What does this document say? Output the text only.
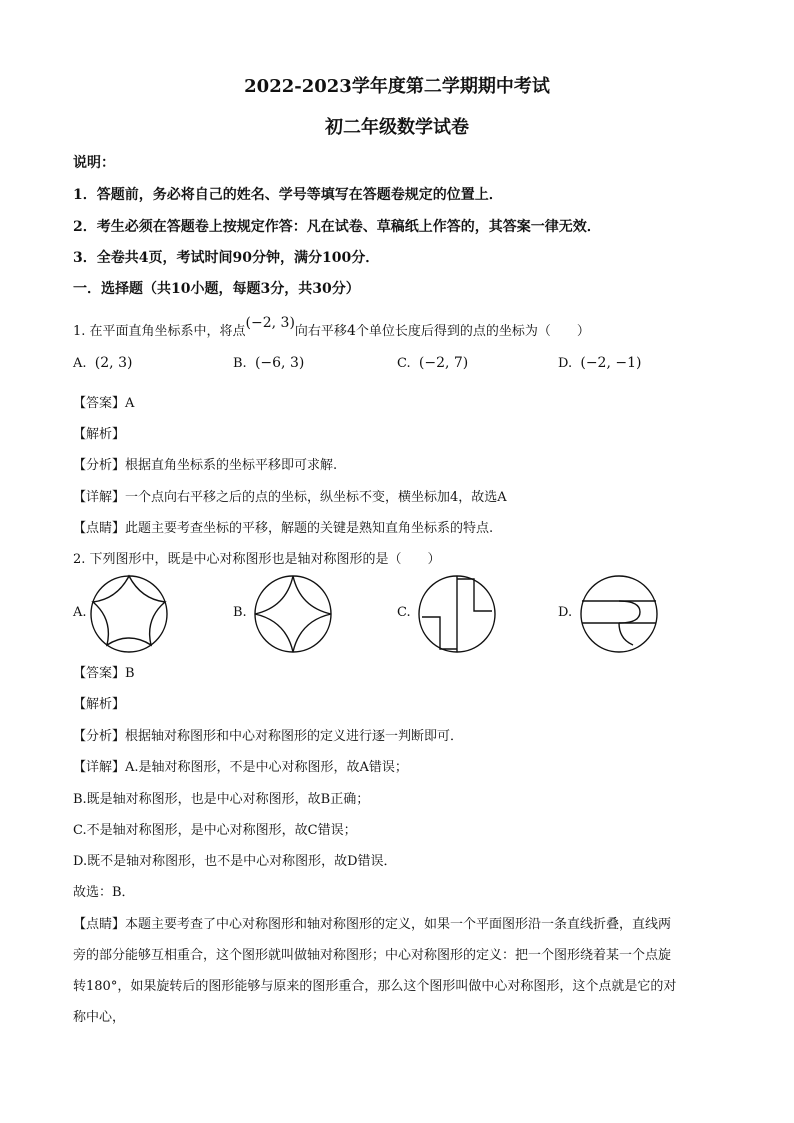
2022-2023学年度第二学期期中考试
初二年级数学试卷
说明：
1．答题前，务必将自己的姓名、学号等填写在答题卷规定的位置上．
2．考生必须在答题卷上按规定作答：凡在试卷、草稿纸上作答的，其答案一律无效．
3．全卷共4页，考试时间90分钟，满分100分．
一．选择题（共10小题，每题3分，共30分）
1. 在平面直角坐标系中，将点(−2, 3)向右平移4个单位长度后得到的点的坐标为（　　）
A. (2, 3)	B. (−6, 3)	C. (−2, 7)	D. (−2, −1)
【答案】A
【解析】
【分析】根据直角坐标系的坐标平移即可求解.
【详解】一个点向右平移之后的点的坐标，纵坐标不变，横坐标加4，故选A
【点睛】此题主要考查坐标的平移，解题的关键是熟知直角坐标系的特点.
2. 下列图形中，既是中心对称图形也是轴对称图形的是（　　）
A.	B.	C.	D.
【答案】B
【解析】
【分析】根据轴对称图形和中心对称图形的定义进行逐一判断即可．
【详解】A.是轴对称图形，不是中心对称图形，故A错误；
B.既是轴对称图形，也是中心对称图形，故B正确；
C.不是轴对称图形，是中心对称图形，故C错误；
D.既不是轴对称图形，也不是中心对称图形，故D错误．
故选：B．
【点睛】本题主要考查了中心对称图形和轴对称图形的定义，如果一个平面图形沿一条直线折叠，直线两
旁的部分能够互相重合，这个图形就叫做轴对称图形；中心对称图形的定义：把一个图形绕着某一个点旋
转180°，如果旋转后的图形能够与原来的图形重合，那么这个图形叫做中心对称图形，这个点就是它的对
称中心，
